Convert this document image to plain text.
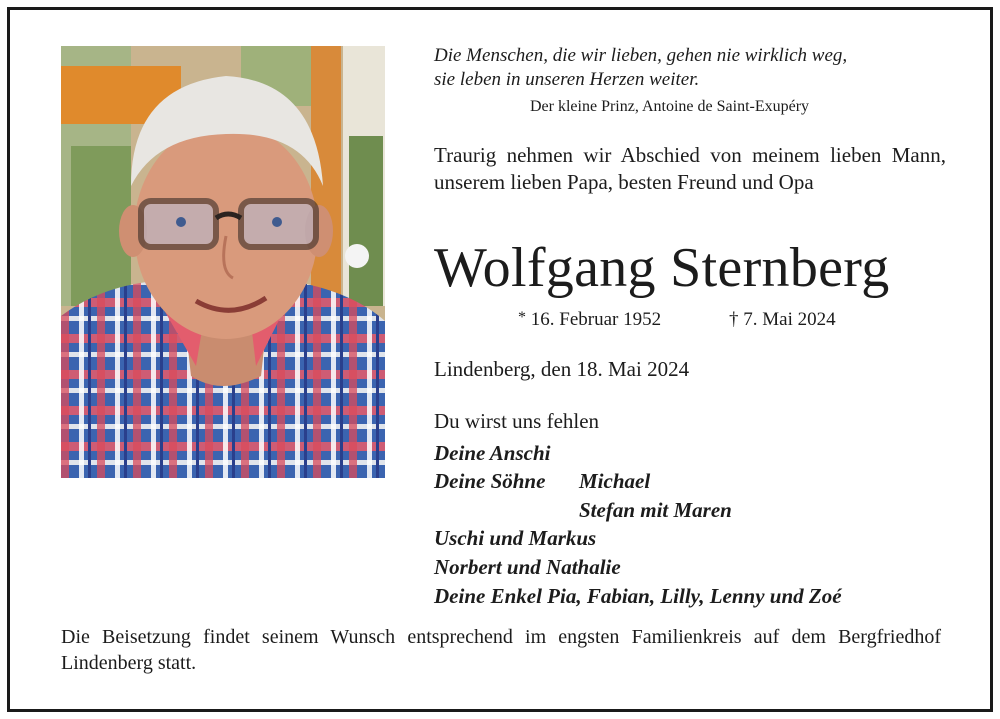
Die Menschen, die wir lieben, gehen nie wirklich weg,
sie leben in unseren Herzen weiter.
Der kleine Prinz, Antoine de Saint-Exupéry
Traurig nehmen wir Abschied von meinem lieben Mann, unserem lieben Papa, besten Freund und Opa
Wolfgang Sternberg
* 16. Februar 1952	† 7. Mai 2024
Lindenberg, den 18. Mai 2024
Du wirst uns fehlen
Deine Anschi
Deine Söhne Michael
Stefan mit Maren
Uschi und Markus
Norbert und Nathalie
Deine Enkel Pia, Fabian, Lilly, Lenny und Zoé
Die Beisetzung findet seinem Wunsch entsprechend im engsten Familienkreis auf dem Bergfriedhof Lindenberg statt.
